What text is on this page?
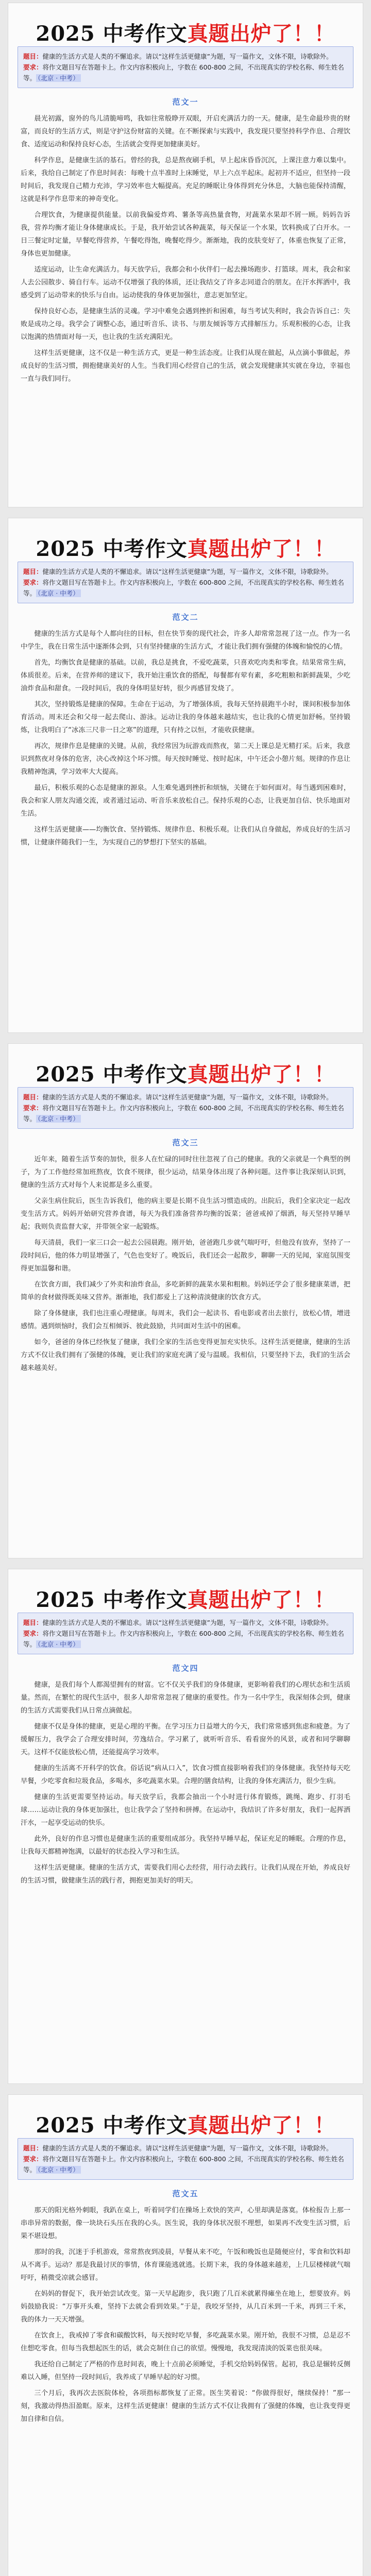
2025 中考作文真题出炉了！！
题目：健康的生活方式是人类的不懈追求。请以“这样生活更健康”为题，写一篇作文，文体不限，诗歌除外。
要求：将作文题目写在答题卡上。作文内容积极向上，字数在 600-800 之间，不出现真实的学校名称、师生姓名等。 （北京 · 中考）
范文一

晨光初露，窗外的鸟儿清脆啼鸣，我如往常般睁开双眼，开启充满活力的一天。健康，是生命最珍贵的财富，而良好的生活方式，则是守护这份财富的关键。在不断探索与实践中，我发现只要坚持科学作息、合理饮食、适度运动和保持良好心态，生活就会变得更加健康美好。

科学作息，是健康生活的基石。曾经的我，总是熬夜刷手机，早上起床昏昏沉沉，上课注意力难以集中。后来，我给自己制定了作息时间表：每晚十点半准时上床睡觉，早上六点半起床。起初并不适应，但坚持一段时间后，我发现自己精力充沛，学习效率也大幅提高。充足的睡眠让身体得到充分休息，大脑也能保持清醒，这就是科学作息带来的神奇变化。

合理饮食，为健康提供能量。以前我偏爱炸鸡、薯条等高热量食物，对蔬菜水果却不屑一顾。妈妈告诉我，营养均衡才能让身体健康成长。于是，我开始尝试各种蔬菜，每天保证一个水果，饮料换成了白开水。一日三餐定时定量，早餐吃得营养，午餐吃得饱，晚餐吃得少。渐渐地，我的皮肤变好了，体重也恢复了正常，身体也更加健康。

适度运动，让生命充满活力。每天放学后，我都会和小伙伴们一起去操场跑步、打篮球。周末，我会和家人去公园散步、骑自行车。运动不仅增强了我的体质，还让我结交了许多志同道合的朋友。在汗水挥洒中，我感受到了运动带来的快乐与自由。运动使我的身体更加强壮，意志更加坚定。

保持良好心态，是健康生活的灵魂。学习中难免会遇到挫折和困难，每当考试失利时，我会告诉自己：失败是成功之母。我学会了调整心态，通过听音乐、读书、与朋友倾诉等方式排解压力。乐观积极的心态，让我以饱满的热情面对每一天，也让我的生活充满阳光。

这样生活更健康，这不仅是一种生活方式，更是一种生活态度。让我们从现在做起，从点滴小事做起，养成良好的生活习惯，拥抱健康美好的人生。当我们用心经营自己的生活，就会发现健康其实就在身边，幸福也一直与我们同行。

2025 中考作文真题出炉了！！
题目：健康的生活方式是人类的不懈追求。请以“这样生活更健康”为题，写一篇作文，文体不限，诗歌除外。
要求：将作文题目写在答题卡上。作文内容积极向上，字数在 600-800 之间，不出现真实的学校名称、师生姓名等。 （北京 · 中考）
范文二

健康的生活方式是每个人都向往的目标，但在快节奏的现代社会，许多人却常常忽视了这一点。作为一名中学生，我在日常生活中逐渐体会到，只有坚持健康的生活方式，才能让我们拥有强健的体魄和愉悦的心情。

首先，均衡饮食是健康的基础。以前，我总是挑食，不爱吃蔬菜，只喜欢吃肉类和零食。结果常常生病，体质很差。后来，在营养师的建议下，我开始注重饮食的搭配，每餐都有荤有素，多吃粗粮和新鲜蔬果，少吃油炸食品和甜食。一段时间后，我的身体明显好转，很少再感冒发烧了。

其次，坚持锻炼是健康的保障。生命在于运动，为了增强体质，我每天坚持晨跑半小时，课间积极参加体育活动。周末还会和父母一起去爬山、游泳。运动让我的身体越来越结实，也让我的心情更加舒畅。坚持锻炼，让我明白了“冰冻三尺非一日之寒”的道理，只有持之以恒，才能收获健康。

再次，规律作息是健康的关键。从前，我经常因为玩游戏而熬夜，第二天上课总是无精打采。后来，我意识到熬夜对身体的危害，决心改掉这个坏习惯。每天按时睡觉、按时起床，中午还会小憩片刻。规律的作息让我精神饱满，学习效率大大提高。

最后，积极乐观的心态是健康的源泉。人生难免遇到挫折和烦恼，关键在于如何面对。每当遇到困难时，我会和家人朋友沟通交流，或者通过运动、听音乐来放松自己。保持乐观的心态，让我更加自信、快乐地面对生活。

这样生活更健康——均衡饮食、坚持锻炼、规律作息、积极乐观。让我们从自身做起，养成良好的生活习惯，让健康伴随我们一生，为实现自己的梦想打下坚实的基础。

2025 中考作文真题出炉了！！
题目：健康的生活方式是人类的不懈追求。请以“这样生活更健康”为题，写一篇作文，文体不限，诗歌除外。
要求：将作文题目写在答题卡上。作文内容积极向上，字数在 600-800 之间，不出现真实的学校名称、师生姓名等。 （北京 · 中考）
范文三

近年来，随着生活节奏的加快，很多人在忙碌的同时往往忽视了自己的健康。我的父亲就是一个典型的例子，为了工作他经常加班熬夜，饮食不规律，很少运动，结果身体出现了各种问题。这件事让我深刻认识到，健康的生活方式对每个人来说都是多么重要。

父亲生病住院后，医生告诉我们，他的病主要是长期不良生活习惯造成的。出院后，我们全家决定一起改变生活方式。妈妈开始研究营养食谱，每天为我们准备营养均衡的饭菜；爸爸戒掉了烟酒，每天坚持早睡早起；我则负责监督大家，并带领全家一起锻炼。

每天清晨，我们一家三口会一起去公园晨跑。刚开始，爸爸跑几步就气喘吁吁，但他没有放弃，坚持了一段时间后，他的体力明显增强了，气色也变好了。晚饭后，我们还会一起散步，聊聊一天的见闻，家庭氛围变得更加温馨和谐。

在饮食方面，我们减少了外卖和油炸食品，多吃新鲜的蔬菜水果和粗粮。妈妈还学会了很多健康菜谱，把简单的食材做得既美味又营养。渐渐地，我们都爱上了这种清淡健康的饮食方式。

除了身体健康，我们也注重心理健康。每周末，我们会一起读书、看电影或者出去旅行，放松心情，增进感情。遇到烦恼时，我们会互相倾诉、彼此鼓励，共同面对生活中的困难。

如今，爸爸的身体已经恢复了健康，我们全家的生活也变得更加充实快乐。这样生活更健康，健康的生活方式不仅让我们拥有了强健的体魄，更让我们的家庭充满了爱与温暖。我相信，只要坚持下去，我们的生活会越来越美好。

2025 中考作文真题出炉了！！
题目：健康的生活方式是人类的不懈追求。请以“这样生活更健康”为题，写一篇作文，文体不限，诗歌除外。
要求：将作文题目写在答题卡上。作文内容积极向上，字数在 600-800 之间，不出现真实的学校名称、师生姓名等。 （北京 · 中考）
范文四

健康，是我们每个人都渴望拥有的财富。它不仅关乎我们的身体健康，更影响着我们的心理状态和生活质量。然而，在繁忙的现代生活中，很多人却常常忽视了健康的重要性。作为一名中学生，我深刻体会到，健康的生活方式需要我们从日常点滴做起。

健康不仅是身体的健康，更是心理的平衡。在学习压力日益增大的今天，我们常常感到焦虑和疲惫。为了缓解压力，我学会了合理安排时间，劳逸结合。学习累了，就听听音乐、看看窗外的风景，或者和同学聊聊天。这样不仅能放松心情，还能提高学习效率。

健康的生活离不开科学的饮食。俗话说“病从口入”，饮食习惯直接影响着我们的身体健康。我坚持每天吃早餐，少吃零食和垃圾食品，多喝水，多吃蔬菜水果。合理的膳食结构，让我的身体充满活力，很少生病。

健康的生活更需要坚持运动。每天放学后，我都会抽出一个小时进行体育锻炼，跳绳、跑步、打羽毛球……运动让我的身体更加强壮，也让我学会了坚持和拼搏。在运动中，我结识了许多好朋友，我们一起挥洒汗水，一起享受运动的快乐。

此外，良好的作息习惯也是健康生活的重要组成部分。我坚持早睡早起，保证充足的睡眠。合理的作息，让我每天都精神饱满，以最好的状态投入学习和生活。

这样生活更健康。健康的生活方式，需要我们用心去经营，用行动去践行。让我们从现在开始，养成良好的生活习惯，做健康生活的践行者，拥抱更加美好的明天。

2025 中考作文真题出炉了！！
题目：健康的生活方式是人类的不懈追求。请以“这样生活更健康”为题，写一篇作文，文体不限，诗歌除外。
要求：将作文题目写在答题卡上。作文内容积极向上，字数在 600-800 之间，不出现真实的学校名称、师生姓名等。 （北京 · 中考）
范文五

那天的阳光格外刺眼，我趴在桌上，听着同学们在操场上欢快的笑声，心里却满是落寞。体检报告上那一串串异常的数据，像一块块石头压在我的心头。医生说，我的身体状况很不理想，如果再不改变生活习惯，后果不堪设想。

那时的我，沉迷于手机游戏，常常熬夜到凌晨，早餐从来不吃，午饭和晚饭也是随便应付，零食和饮料却从不离手。运动？那是我最讨厌的事情，体育课能逃就逃。长期下来，我的身体越来越差，上几层楼梯就气喘吁吁，稍微受凉就会感冒。

在妈妈的督促下，我开始尝试改变。第一天早起跑步，我只跑了几百米就累得瘫坐在地上，想要放弃。妈妈鼓励我说：“万事开头难，坚持下去就会看到效果。”于是，我咬牙坚持，从几百米到一千米，再到三千米，我的体力一天天增强。

在饮食上，我戒掉了零食和碳酸饮料，每天按时吃早餐，多吃蔬菜水果。刚开始，我很不习惯，总是忍不住想吃零食。但每当我想起医生的话，就会克制住自己的欲望。慢慢地，我发现清淡的饭菜也很美味。

我还给自己制定了严格的作息时间表，晚上十点前必须睡觉，手机交给妈妈保管。起初，我总是辗转反侧难以入睡，但坚持一段时间后，我养成了早睡早起的好习惯。

三个月后，我再次去医院体检，各项指标都恢复了正常。医生笑着说：“你做得很好，继续保持！”那一刻，我激动得热泪盈眶。原来，这样生活更健康！健康的生活方式不仅让我拥有了强健的体魄，也让我变得更加自律和自信。
